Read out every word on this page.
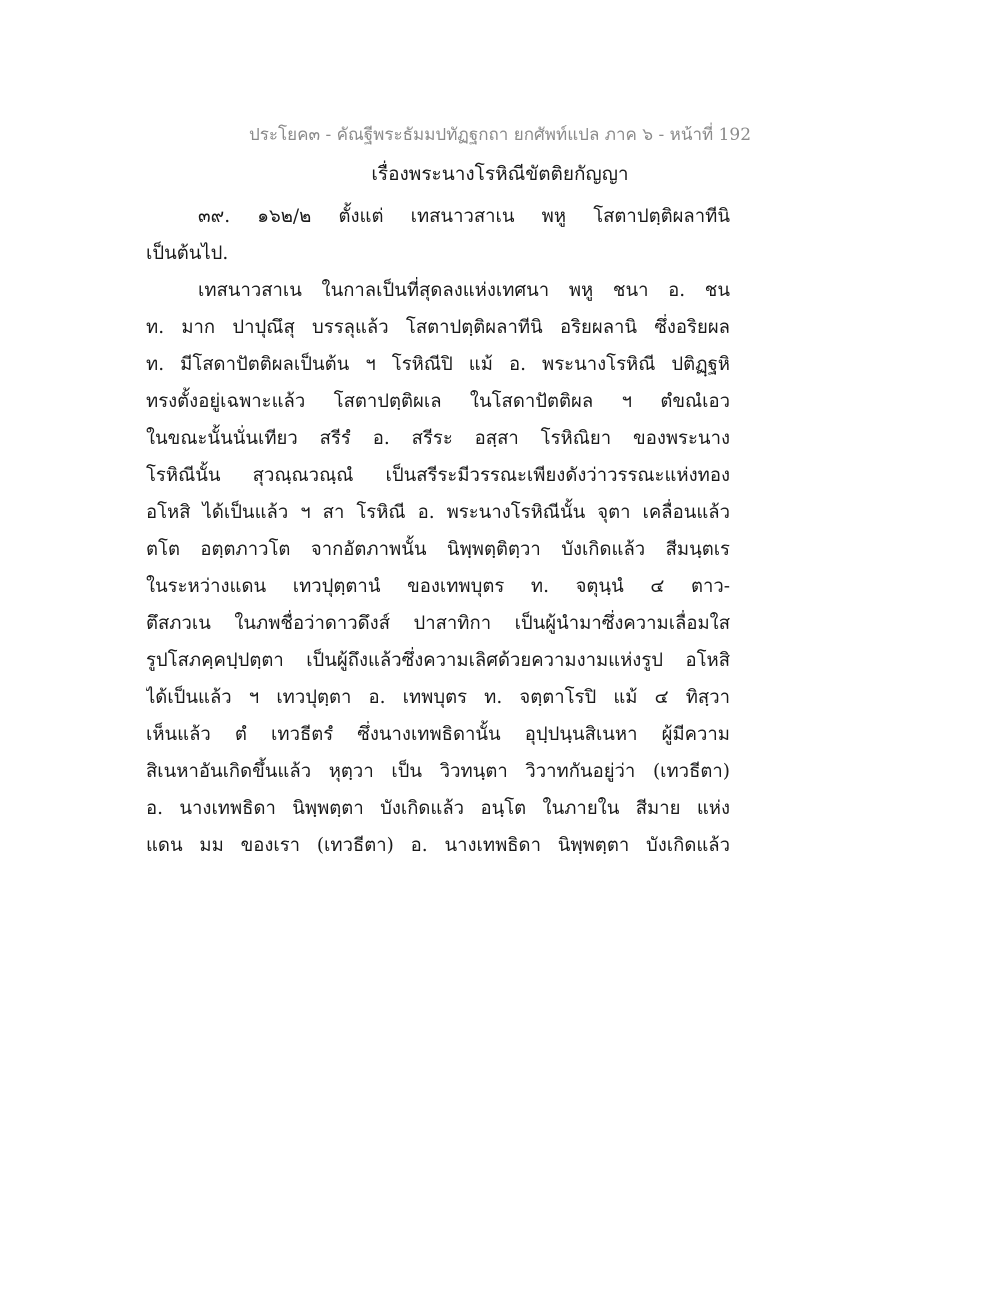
ประโยค๓ - คัณฐีพระธัมมปทัฏฐกถา ยกศัพท์แปล ภาค ๖ - หน้าที่ 192
เรื่องพระนางโรหิณีขัตติยกัญญา
๓๙. ๑๖๒/๒ ตั้งแต่ เทสนาวสาเน พหู โสตาปตฺติผลาทีนิ
เป็นต้นไป.
เทสนาวสาเน ในกาลเป็นที่สุดลงแห่งเทศนา พหู ชนา อ. ชน
ท. มาก ปาปุณึสุ บรรลุแล้ว โสตาปตฺติผลาทีนิ อริยผลานิ ซึ่งอริยผล
ท. มีโสดาปัตติผลเป็นต้น ฯ โรหิณีปิ แม้ อ. พระนางโรหิณี ปติฏฺฐหิ
ทรงตั้งอยู่เฉพาะแล้ว โสตาปตฺติผเล ในโสดาปัตติผล ฯ ตํขณํเอว
ในขณะนั้นนั่นเทียว สรีรํ อ. สรีระ อสฺสา โรหิณิยา ของพระนาง
โรหิณีนั้น สุวณฺณวณฺณํ เป็นสรีระมีวรรณะเพียงดังว่าวรรณะแห่งทอง
อโหสิ ได้เป็นแล้ว ฯ สา โรหิณี อ. พระนางโรหิณีนั้น จุตา เคลื่อนแล้ว
ตโต อตฺตภาวโต จากอัตภาพนั้น นิพฺพตฺติตฺวา บังเกิดแล้ว สีมนฺตเร
ในระหว่างแดน เทวปุตฺตานํ ของเทพบุตร ท. จตุนฺนํ ๔ ตาว-
ตึสภวเน ในภพชื่อว่าดาวดึงส์ ปาสาทิกา เป็นผู้นำมาซึ่งความเลื่อมใส
รูปโสภคฺคปฺปตฺตา เป็นผู้ถึงแล้วซึ่งความเลิศด้วยความงามแห่งรูป อโหสิ
ได้เป็นแล้ว ฯ เทวปุตฺตา อ. เทพบุตร ท. จตฺตาโรปิ แม้ ๔ ทิสฺวา
เห็นแล้ว ตํ เทวธีตรํ ซึ่งนางเทพธิดานั้น อุปฺปนฺนสิเนหา ผู้มีความ
สิเนหาอันเกิดขึ้นแล้ว หุตฺวา เป็น วิวทนฺตา วิวาทกันอยู่ว่า (เทวธีตา)
อ. นางเทพธิดา นิพฺพตฺตา บังเกิดแล้ว อนฺโต ในภายใน สีมาย แห่ง
แดน มม ของเรา (เทวธีตา) อ. นางเทพธิดา นิพฺพตฺตา บังเกิดแล้ว
